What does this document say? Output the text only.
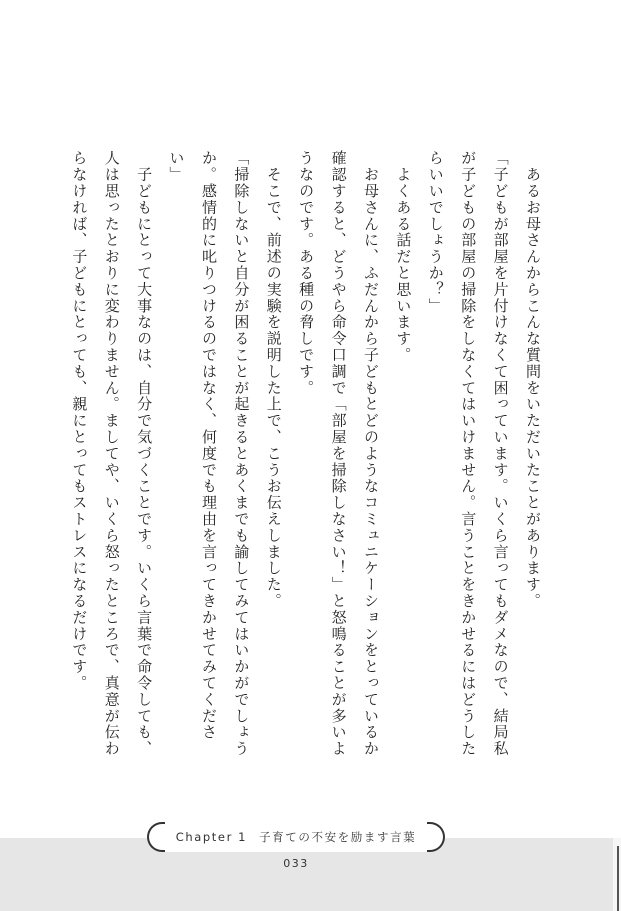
　あるお母さんからこんな質問をいただいたことがあります。

「子どもが部屋を片付けなくて困っています。いくら言ってもダメなので、結局私が子どもの部屋の掃除をしなくてはいけません。言うことをきかせるにはどうしたらいいでしょうか？」

　よくある話だと思います。

　お母さんに、ふだんから子どもとどのようなコミュニケーションをとっているか確認すると、どうやら命令口調で「部屋を掃除しなさい！」と怒鳴ることが多いようなのです。ある種の脅しです。

　そこで、前述の実験を説明した上で、こうお伝えしました。

「掃除しないと自分が困ることが起きるとあくまでも諭してみてはいかがでしょうか。感情的に叱りつけるのではなく、何度でも理由を言ってきかせてみてください」

　子どもにとって大事なのは、自分で気づくことです。いくら言葉で命令しても、人は思ったとおりに変わりません。ましてや、いくら怒ったところで、真意が伝わらなければ、子どもにとっても、親にとってもストレスになるだけです。

Chapter 1 子育ての不安を励ます言葉
033
